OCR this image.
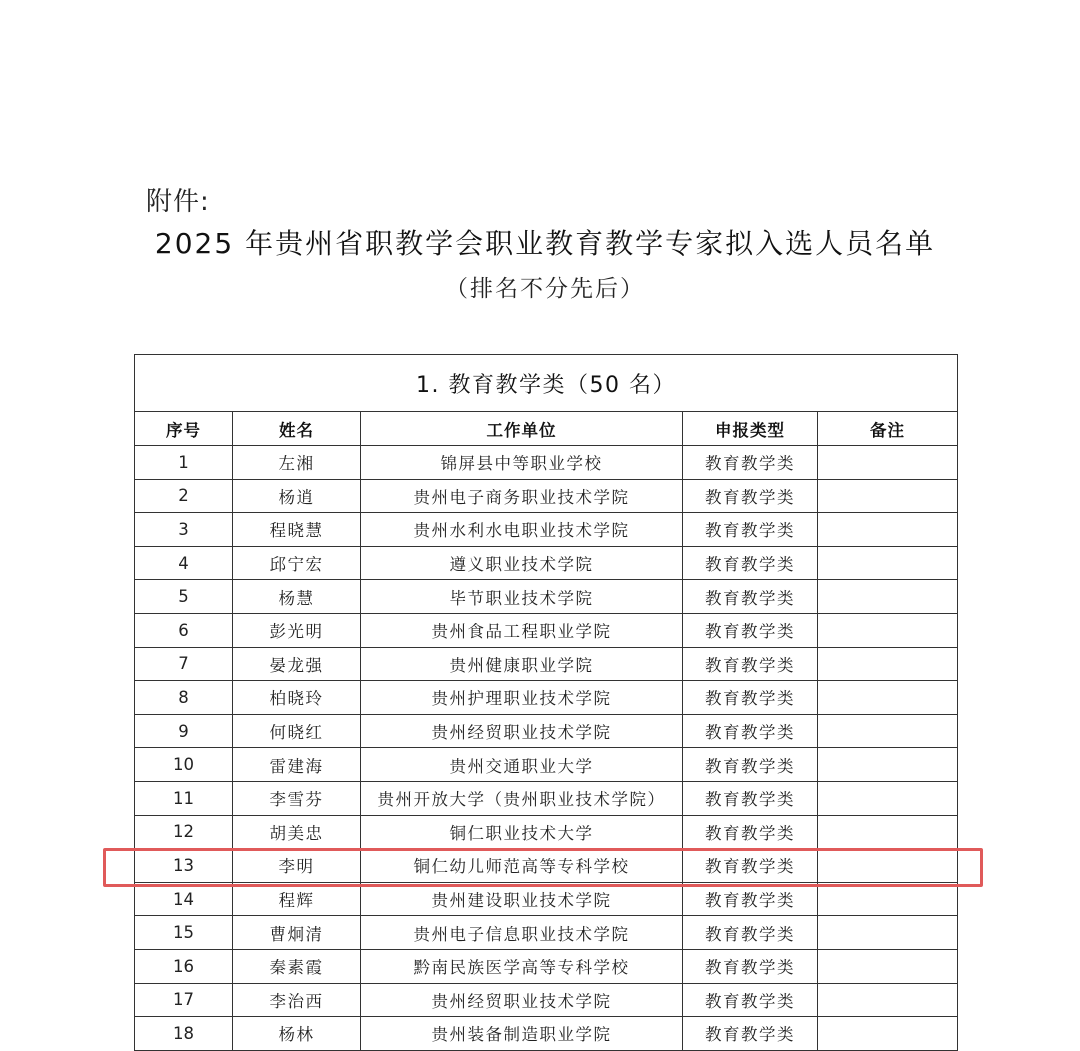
附件:
2025 年贵州省职教学会职业教育教学专家拟入选人员名单
（排名不分先后）
1. 教育教学类（50 名）				
序号	姓名	工作单位	申报类型	备注
1	左湘	锦屏县中等职业学校	教育教学类	
2	杨逍	贵州电子商务职业技术学院	教育教学类	
3	程晓慧	贵州水利水电职业技术学院	教育教学类	
4	邱宁宏	遵义职业技术学院	教育教学类	
5	杨慧	毕节职业技术学院	教育教学类	
6	彭光明	贵州食品工程职业学院	教育教学类	
7	晏龙强	贵州健康职业学院	教育教学类	
8	柏晓玲	贵州护理职业技术学院	教育教学类	
9	何晓红	贵州经贸职业技术学院	教育教学类	
10	雷建海	贵州交通职业大学	教育教学类	
11	李雪芬	贵州开放大学（贵州职业技术学院）	教育教学类	
12	胡美忠	铜仁职业技术大学	教育教学类	
13	李明	铜仁幼儿师范高等专科学校	教育教学类	
14	程辉	贵州建设职业技术学院	教育教学类	
15	曹炯清	贵州电子信息职业技术学院	教育教学类	
16	秦素霞	黔南民族医学高等专科学校	教育教学类	
17	李治西	贵州经贸职业技术学院	教育教学类	
18	杨林	贵州装备制造职业学院	教育教学类	
